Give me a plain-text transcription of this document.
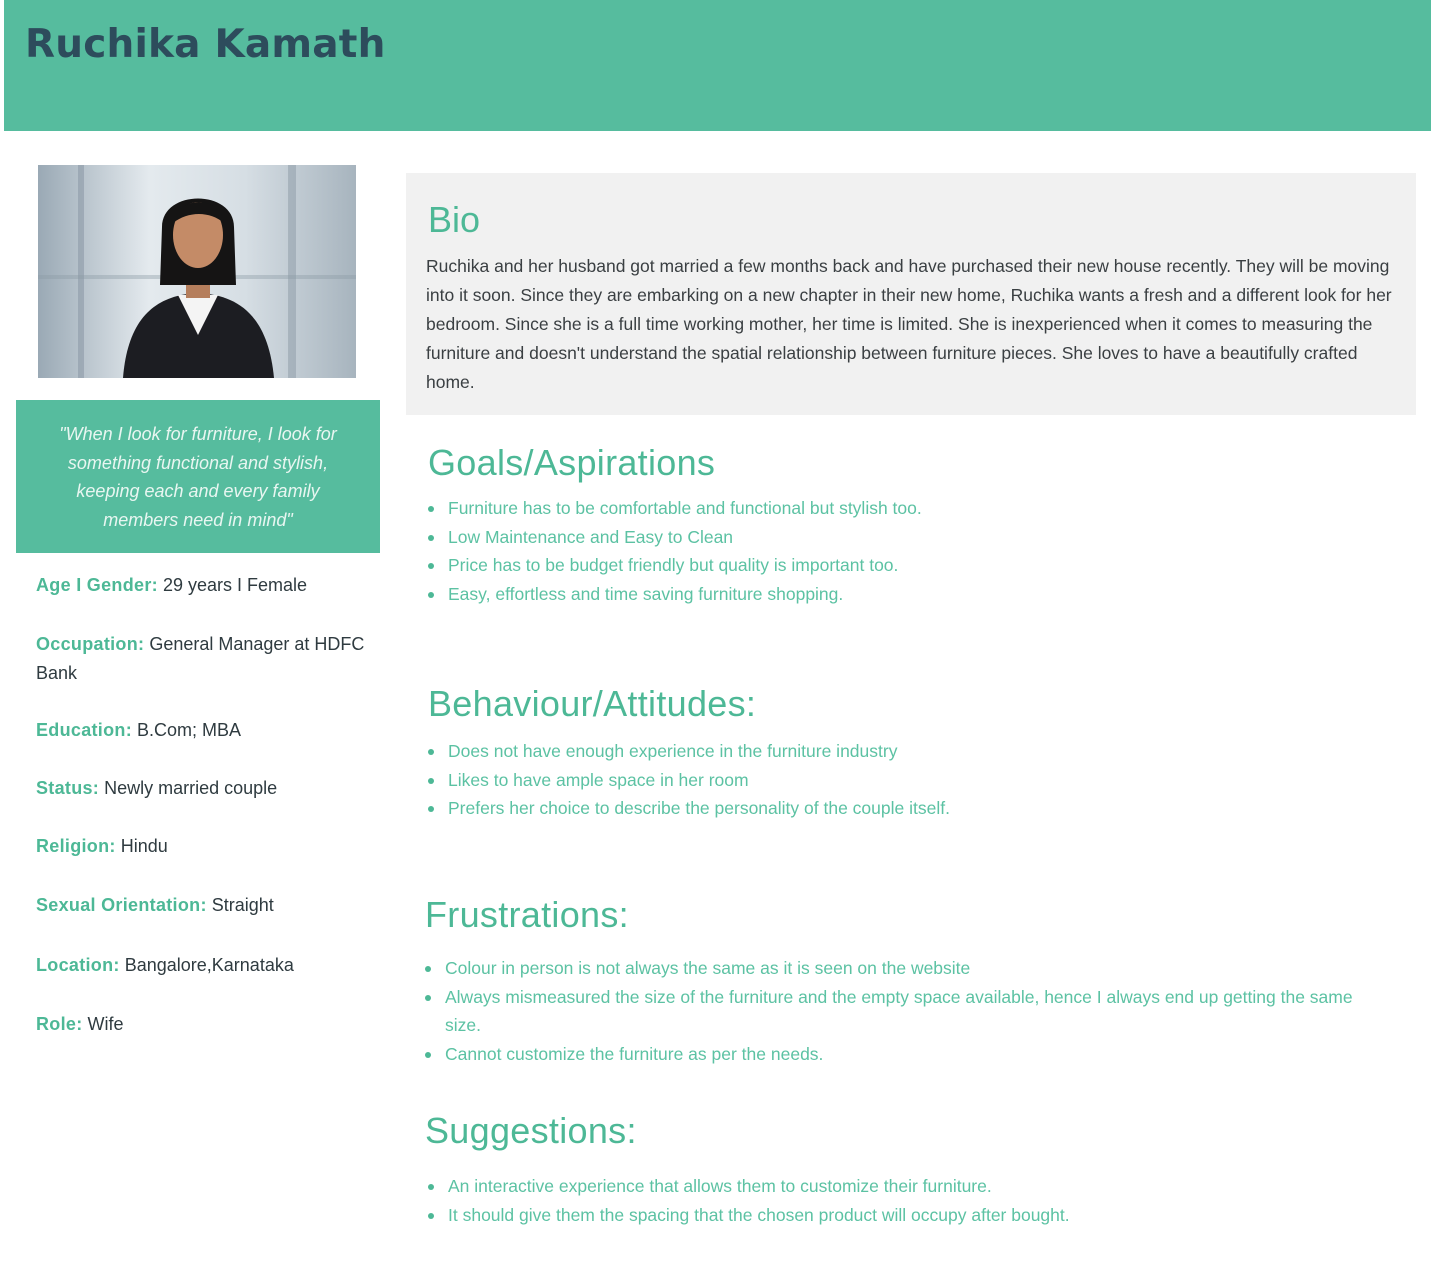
Ruchika Kamath
"When I look for furniture, I look for something functional and stylish, keeping each and every family members need in mind"
Age I Gender: 29 years I Female
Occupation: General Manager at HDFC Bank
Education: B.Com; MBA
Status: Newly married couple
Religion: Hindu
Sexual Orientation: Straight
Location: Bangalore,Karnataka
Role: Wife
Bio

Ruchika and her husband got married a few months back and have purchased their new house recently. They will be moving into it soon. Since they are embarking on a new chapter in their new home, Ruchika wants a fresh and a different look for her bedroom. Since she is a full time working mother, her time is limited. She is inexperienced when it comes to measuring the furniture and doesn't understand the spatial relationship between furniture pieces. She loves to have a beautifully crafted home.

Goals/Aspirations
Furniture has to be comfortable and functional but stylish too.
Low Maintenance and Easy to Clean
Price has to be budget friendly but quality is important too.
Easy, effortless and time saving furniture shopping.
Behaviour/Attitudes:
Does not have enough experience in the furniture industry
Likes to have ample space in her room
Prefers her choice to describe the personality of the couple itself.
Frustrations:
Colour in person is not always the same as it is seen on the website
Always mismeasured the size of the furniture and the empty space available, hence I always end up getting the same size.
Cannot customize the furniture as per the needs.
Suggestions:
An interactive experience that allows them to customize their furniture.
It should give them the spacing that the chosen product will occupy after bought.
